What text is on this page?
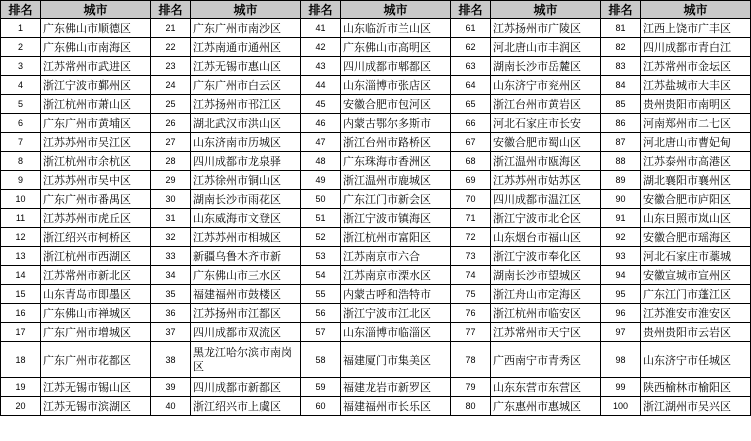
排名	城市	排名	城市	排名	城市	排名	城市	排名	城市
1	广东佛山市顺德区	21	广东广州市南沙区	41	山东临沂市兰山区	61	江苏扬州市广陵区	81	江西上饶市广丰区
2	广东佛山市南海区	22	江苏南通市通州区	42	广东佛山市高明区	62	河北唐山市丰润区	82	四川成都市青白江
3	江苏常州市武进区	23	江苏无锡市惠山区	43	四川成都市郫都区	63	湖南长沙市岳麓区	83	江苏常州市金坛区
4	浙江宁波市鄞州区	24	广东广州市白云区	44	山东淄博市张店区	64	山东济宁市兖州区	84	江苏盐城市大丰区
5	浙江杭州市萧山区	25	江苏扬州市邗江区	45	安徽合肥市包河区	65	浙江台州市黄岩区	85	贵州贵阳市南明区
6	广东广州市黄埔区	26	湖北武汉市洪山区	46	内蒙古鄂尔多斯市	66	河北石家庄市长安	86	河南郑州市二七区
7	江苏苏州市吴江区	27	山东济南市历城区	47	浙江台州市路桥区	67	安徽合肥市蜀山区	87	河北唐山市曹妃甸
8	浙江杭州市余杭区	28	四川成都市龙泉驿	48	广东珠海市香洲区	68	浙江温州市瓯海区	88	江苏泰州市高港区
9	江苏苏州市吴中区	29	江苏徐州市铜山区	49	浙江温州市鹿城区	69	江苏苏州市姑苏区	89	湖北襄阳市襄州区
10	广东广州市番禺区	30	湖南长沙市雨花区	50	广东江门市新会区	70	四川成都市温江区	90	安徽合肥市庐阳区
11	江苏苏州市虎丘区	31	山东威海市文登区	51	浙江宁波市镇海区	71	浙江宁波市北仑区	91	山东日照市岚山区
12	浙江绍兴市柯桥区	32	江苏苏州市相城区	52	浙江杭州市富阳区	72	山东烟台市福山区	92	安徽合肥市瑶海区
13	浙江杭州市西湖区	33	新疆乌鲁木齐市新	53	江苏南京市六合	73	浙江宁波市奉化区	93	河北石家庄市藁城
14	江苏常州市新北区	34	广东佛山市三水区	54	江苏南京市溧水区	74	湖南长沙市望城区	94	安徽宣城市宣州区
15	山东青岛市即墨区	35	福建福州市鼓楼区	55	内蒙古呼和浩特市	75	浙江舟山市定海区	95	广东江门市蓬江区
16	广东佛山市禅城区	36	江苏扬州市江都区	56	浙江宁波市江北区	76	浙江杭州市临安区	96	江苏淮安市淮安区
17	广东广州市增城区	37	四川成都市双流区	57	山东淄博市临淄区	77	江苏常州市天宁区	97	贵州贵阳市云岩区
18	广东广州市花都区	38	黑龙江哈尔滨市南岗区	58	福建厦门市集美区	78	广西南宁市青秀区	98	山东济宁市任城区
19	江苏无锡市锡山区	39	四川成都市新都区	59	福建龙岩市新罗区	79	山东东营市东营区	99	陕西榆林市榆阳区
20	江苏无锡市滨湖区	40	浙江绍兴市上虞区	60	福建福州市长乐区	80	广东惠州市惠城区	100	浙江湖州市吴兴区
